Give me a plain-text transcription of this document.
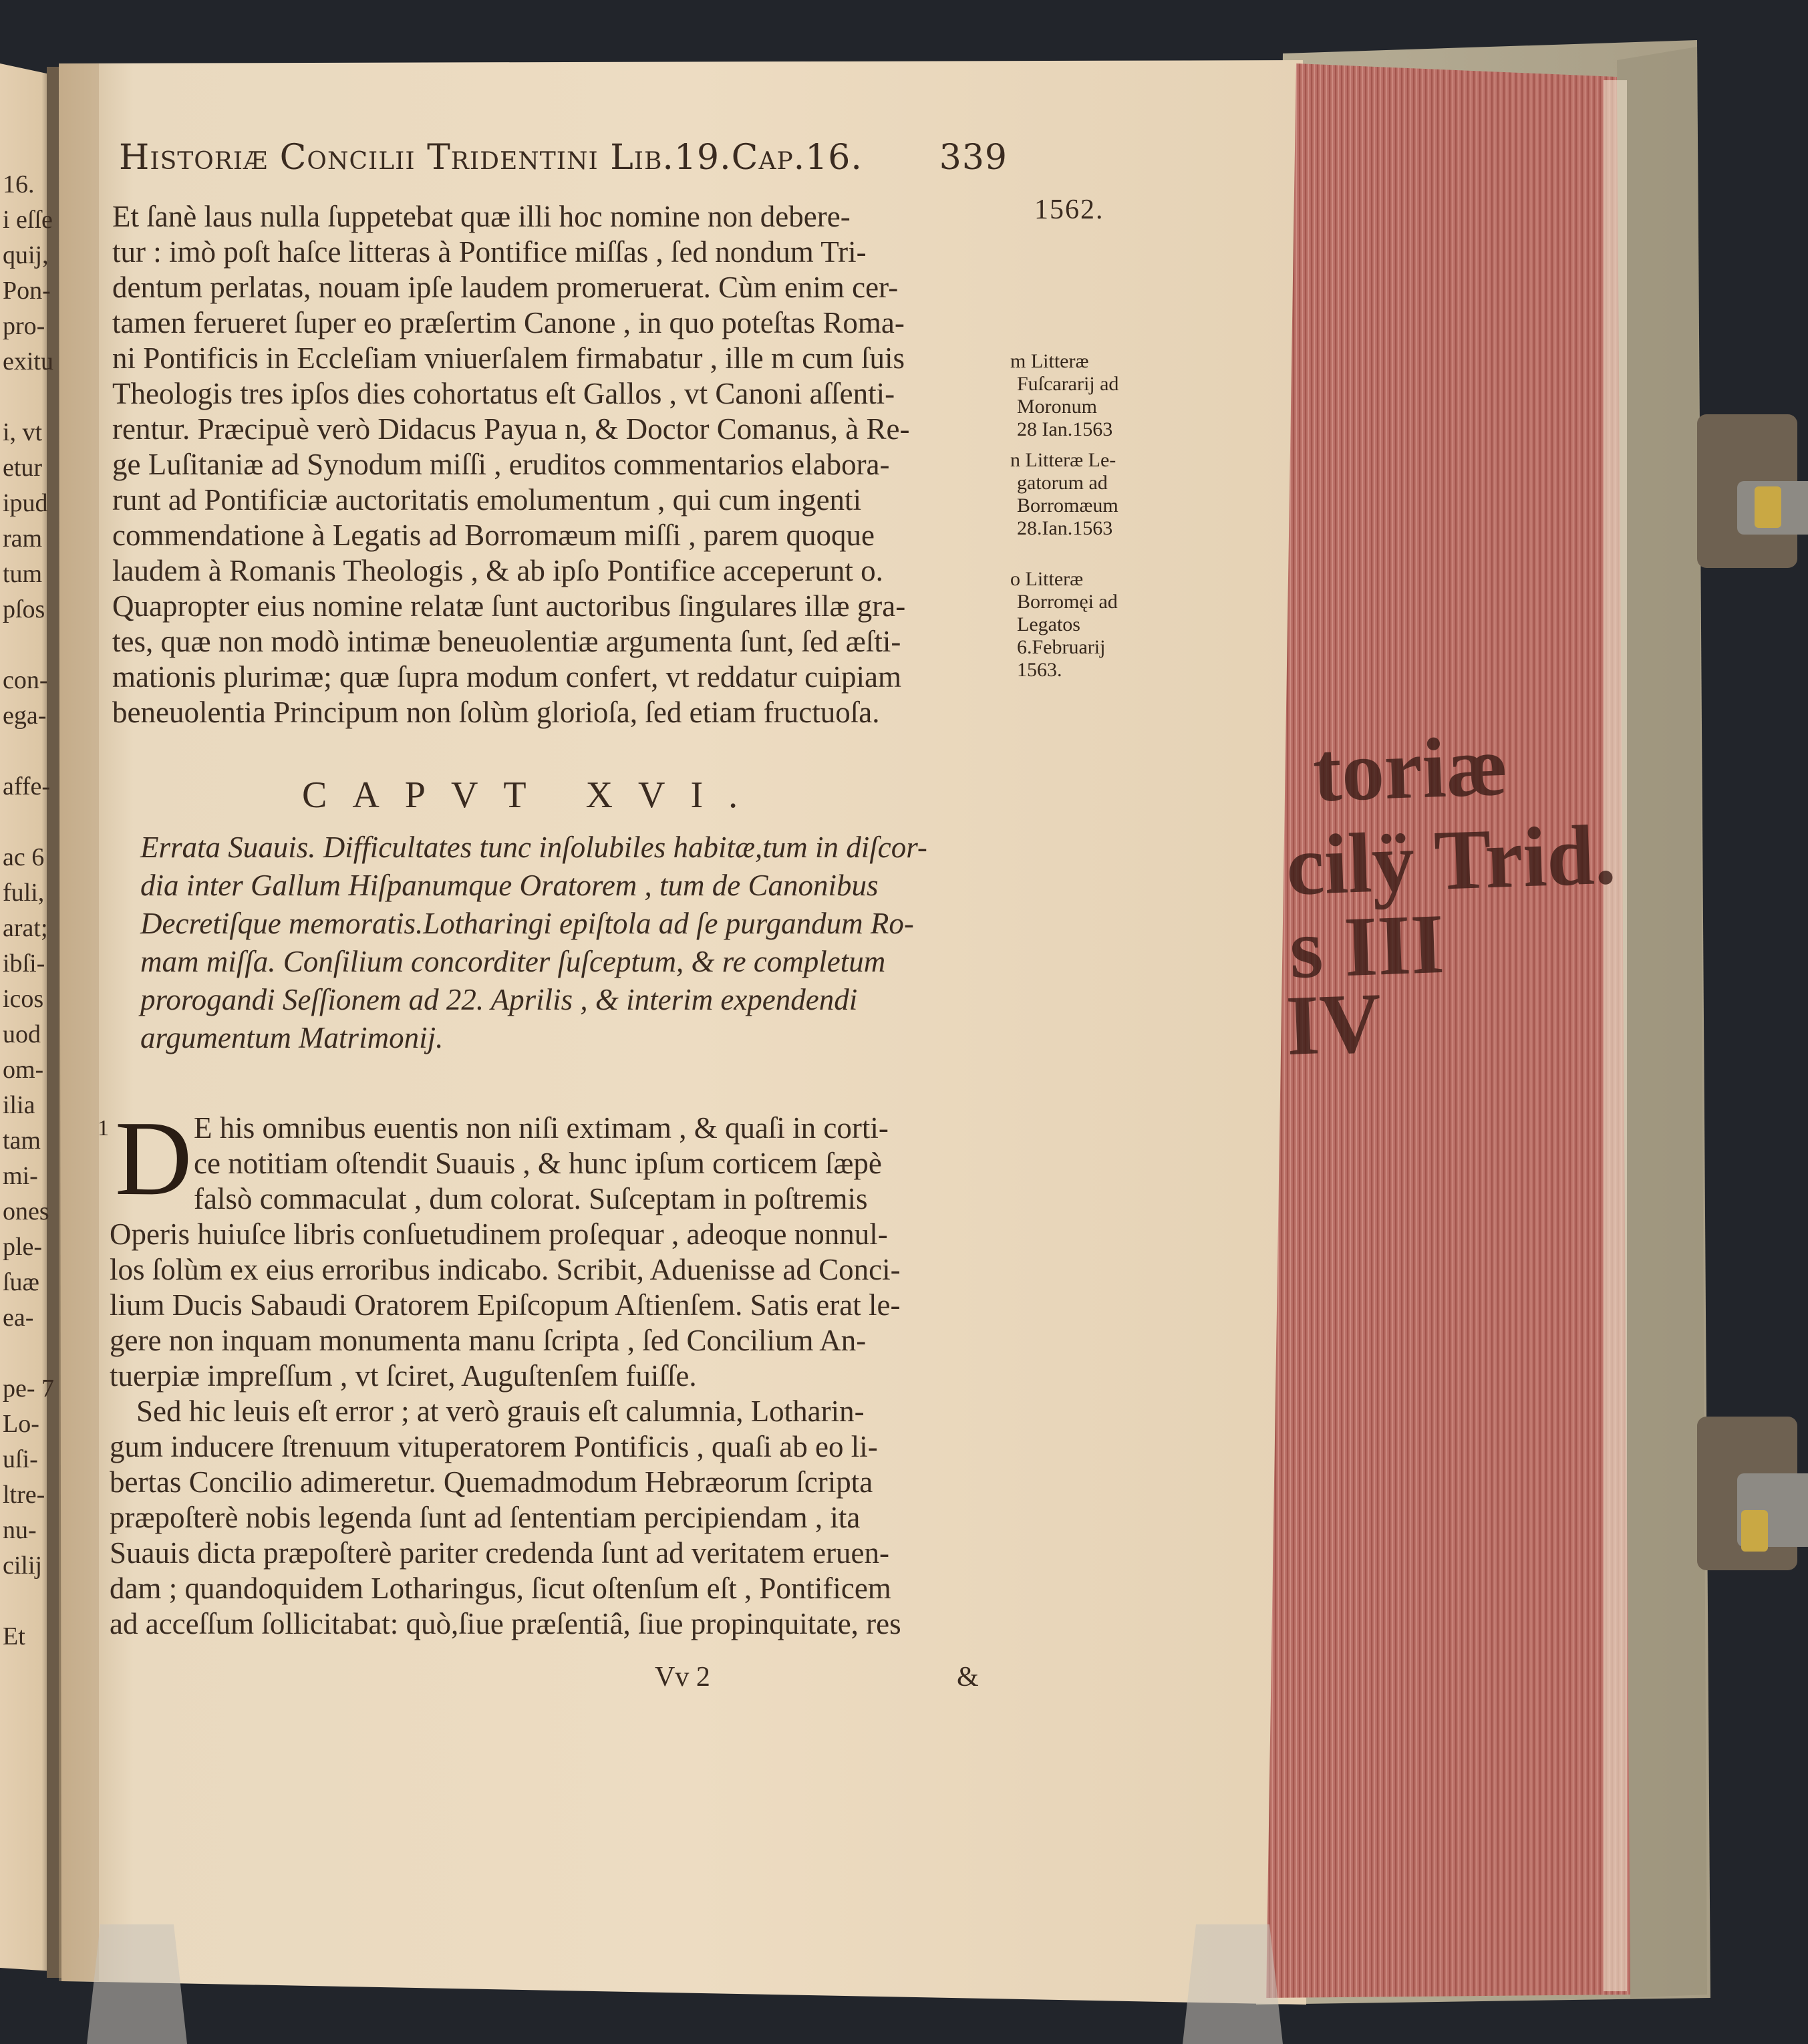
Historiæ Concilii Tridentini Lib.19.Cap.16. 339
1562.
Et ſanè laus nulla ſuppetebat quæ illi hoc nomine non debere-
tur : imò poſt haſce litteras à Pontifice miſſas , ſed nondum Tri-
dentum perlatas, nouam ipſe laudem promeruerat. Cùm enim cer-
tamen ferueret ſuper eo præſertim Canone , in quo poteſtas Roma-
ni Pontificis in Eccleſiam vniuerſalem firmabatur , ille m cum ſuis
Theologis tres ipſos dies cohortatus eſt Gallos , vt Canoni aſſenti-
rentur. Præcipuè verò Didacus Payua n, & Doctor Comanus, à Re-
ge Luſitaniæ ad Synodum miſſi , eruditos commentarios elabora-
runt ad Pontificiæ auctoritatis emolumentum , qui cum ingenti
commendatione à Legatis ad Borromæum miſſi , parem quoque
laudem à Romanis Theologis , & ab ipſo Pontifice acceperunt o.
Quapropter eius nomine relatæ ſunt auctoribus ſingulares illæ gra-
tes, quæ non modò intimæ beneuolentiæ argumenta ſunt, ſed æſti-
mationis plurimæ; quæ ſupra modum confert, vt reddatur cuipiam
beneuolentia Principum non ſolùm glorioſa, ſed etiam fructuoſa.
m Litteræ
Fuſcararij ad
Moronum
28 Ian.1563
n Litteræ Le-
gatorum ad
Borromæum
28.Ian.1563
o Litteræ
Borromęi ad
Legatos
6.Februarij
1563.
CAPVT XVI.
Errata Suauis. Difficultates tunc inſolubiles habitæ,tum in diſcor-
dia inter Gallum Hiſpanumque Oratorem , tum de Canonibus
Decretiſque memoratis.Lotharingi epiſtola ad ſe purgandum Ro-
mam miſſa. Conſilium concorditer ſuſceptum, & re completum
prorogandi Seſſionem ad 22. Aprilis , & interim expendendi
argumentum Matrimonij.
1 D E his omnibus euentis non niſi extimam , & quaſi in corti-
ce notitiam oſtendit Suauis , & hunc ipſum corticem ſæpè
falsò commaculat , dum colorat. Suſceptam in poſtremis
Operis huiuſce libris conſuetudinem proſequar , adeoque nonnul-
los ſolùm ex eius erroribus indicabo. Scribit, Aduenisse ad Conci-
lium Ducis Sabaudi Oratorem Epiſcopum Aſtienſem. Satis erat le-
gere non inquam monumenta manu ſcripta , ſed Concilium An-
tuerpiæ impreſſum , vt ſciret, Auguſtenſem fuiſſe.
Sed hic leuis eſt error ; at verò grauis eſt calumnia, Lotharin-
gum inducere ſtrenuum vituperatorem Pontificis , quaſi ab eo li-
bertas Concilio adimeretur. Quemadmodum Hebræorum ſcripta
præpoſterè nobis legenda ſunt ad ſententiam percipiendam , ita
Suauis dicta præpoſterè pariter credenda ſunt ad veritatem eruen-
dam ; quandoquidem Lotharingus, ſicut oſtenſum eſt , Pontificem
ad acceſſum ſollicitabat: quò,ſiue præſentiâ, ſiue propinquitate, res
Vv 2	&
16.
i eſſe
quij,
Pon-
pro-
exitu

i, vt
etur
ipud
ram
tum
pſos

con-
ega-

affe-

ac 6
fuli,
arat;
ibſi-
icos
uod
om-
ilia
tam
mi-
ones
ple-
ſuæ
ea-

pe- 7
Lo-
uſi-
ltre-
nu-
cilij

Et
toriæ
cilÿ Trid.
s III
IV
